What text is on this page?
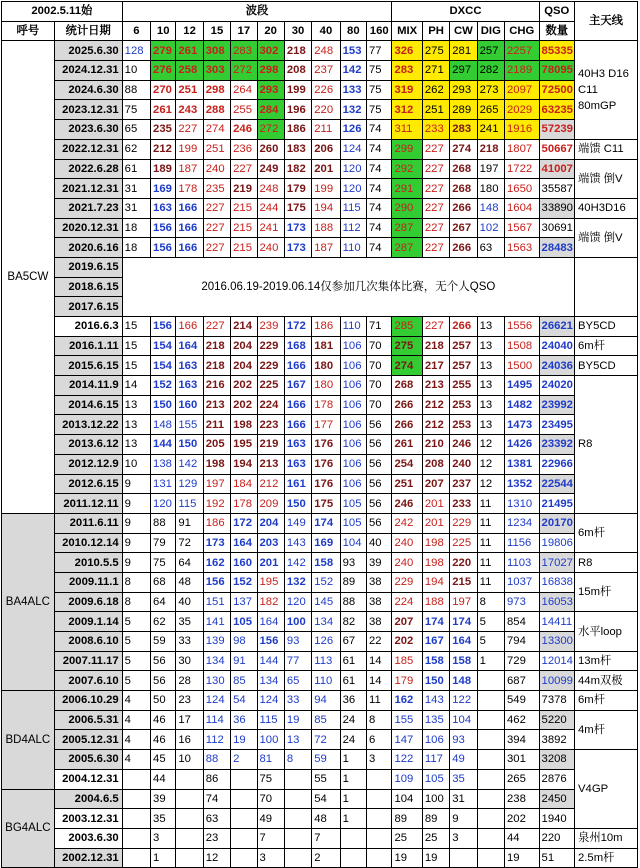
2002.5.11始		波段										DXCC					QSO	主天线
呼号	统计日期	6	10	12	15	17	20	30	40	80	160	MIX	PH	CW	DIG	CHG	数量	
BA5CW	2025.6.30	128	279	261	308	283	302	218	248	153	77	326	275	281	257	2257	85335	40H3 D16 C11 80mGP
	2024.12.31	10	276	258	303	272	298	208	237	142	75	283	271	297	282	2189	78095	
	2024.6.30	88	270	251	298	264	293	199	226	133	75	319	262	293	273	2097	72500	
	2023.12.31	75	261	243	288	255	284	196	220	132	75	312	251	289	265	2029	63235	
	2023.6.30	65	235	227	274	246	272	186	211	126	74	311	233	283	241	1916	57239	
	2022.12.31	62	212	199	251	236	260	183	206	124	74	299	227	274	218	1807	50667	端馈 C11
	2022.6.28	61	189	187	240	227	249	182	201	120	74	292	227	268	197	1722	41007	端馈 倒V
	2021.12.31	31	169	178	235	219	248	179	199	120	74	291	227	268	180	1650	35587	
	2021.7.23	31	163	166	227	215	244	175	194	115	74	290	227	266	148	1604	33890	40H3D16
	2020.12.31	18	156	166	227	215	241	173	188	112	74	287	227	267	102	1567	30691	端馈 倒V
	2020.6.16	18	156	166	227	215	240	173	187	110	74	287	227	266	63	1563	28483	
	2019.6.15	2016.06.19-2019.06.14仅参加几次集体比赛，无个人QSO																
	2018.6.15																	
	2017.6.15																	
	2016.6.3	15	156	166	227	214	239	172	186	110	71	285	227	266	13	1556	26621	BY5CD
	2016.1.11	15	154	164	218	204	229	168	181	106	70	275	218	257	13	1508	24040	6m杆
	2015.6.15	15	154	163	218	204	229	166	180	106	70	274	217	257	13	1500	24036	BY5CD
	2014.11.9	14	152	163	216	202	225	167	180	106	70	268	213	255	13	1495	24020	R8
	2014.6.15	13	150	160	213	202	224	166	178	106	70	266	212	253	13	1482	23992	
	2013.12.22	13	148	155	211	198	223	166	177	106	56	266	212	253	13	1473	23495	
	2013.6.12	13	144	150	205	195	219	163	176	106	56	261	210	246	12	1426	23392	
	2012.12.9	10	138	142	198	194	213	163	176	106	56	254	208	240	12	1381	22966	
	2012.6.15	9	131	129	197	184	212	161	176	106	56	251	207	237	12	1352	22544	
	2011.12.11	9	120	115	192	178	209	150	175	105	56	246	201	233	11	1310	21495	
BA4ALC	2011.6.11	9	88	91	186	172	204	149	174	105	56	242	201	229	11	1234	20170	6m杆
	2010.12.14	9	79	72	173	164	203	143	169	104	40	240	198	225	11	1156	19806	
	2010.5.5	9	75	64	162	160	201	142	158	93	39	240	198	220	11	1103	17027	R8
	2009.11.1	8	68	48	156	152	195	132	152	89	38	229	194	215	11	1037	16838	15m杆
	2009.6.18	8	64	40	151	137	182	120	145	88	38	224	188	197	8	973	16053	
	2009.1.14	5	62	35	141	105	164	100	134	82	38	207	174	174	5	854	14411	水平loop
	2008.6.10	5	59	33	139	98	156	93	126	67	22	202	167	164	5	794	13300	
	2007.11.17	5	56	30	134	91	144	77	113	61	14	185	158	158	1	729	12014	13m杆
	2007.6.10	5	56	28	130	85	134	65	110	61	14	179	150	148		687	10099	44m双极
BD4ALC	2006.10.29	4	50	23	124	54	124	33	94	36	11	162	143	122		549	7378	6m杆
	2006.5.31	4	46	17	114	36	115	19	85	24	8	155	135	104		462	5220	4m杆
	2005.12.31	4	46	16	112	19	100	13	72	24	6	147	106	93		394	3892	
	2005.6.30	4	45	10	88	2	81	8	59	1	3	122	117	49		301	3208	V4GP
	2004.12.31		44		86		75		55	1		109	105	35		265	2876	
BG4ALC	2004.6.5		39		74		70		54	1		104	100	31		238	2450	
	2003.12.31		35		63		49		48	1		89	89	9		202	1940	
	2003.6.30		3		23		7		7			25	25	3		44	220	泉州10m
	2002.12.31		1		12		3		2			19	19			19	51	2.5m杆
